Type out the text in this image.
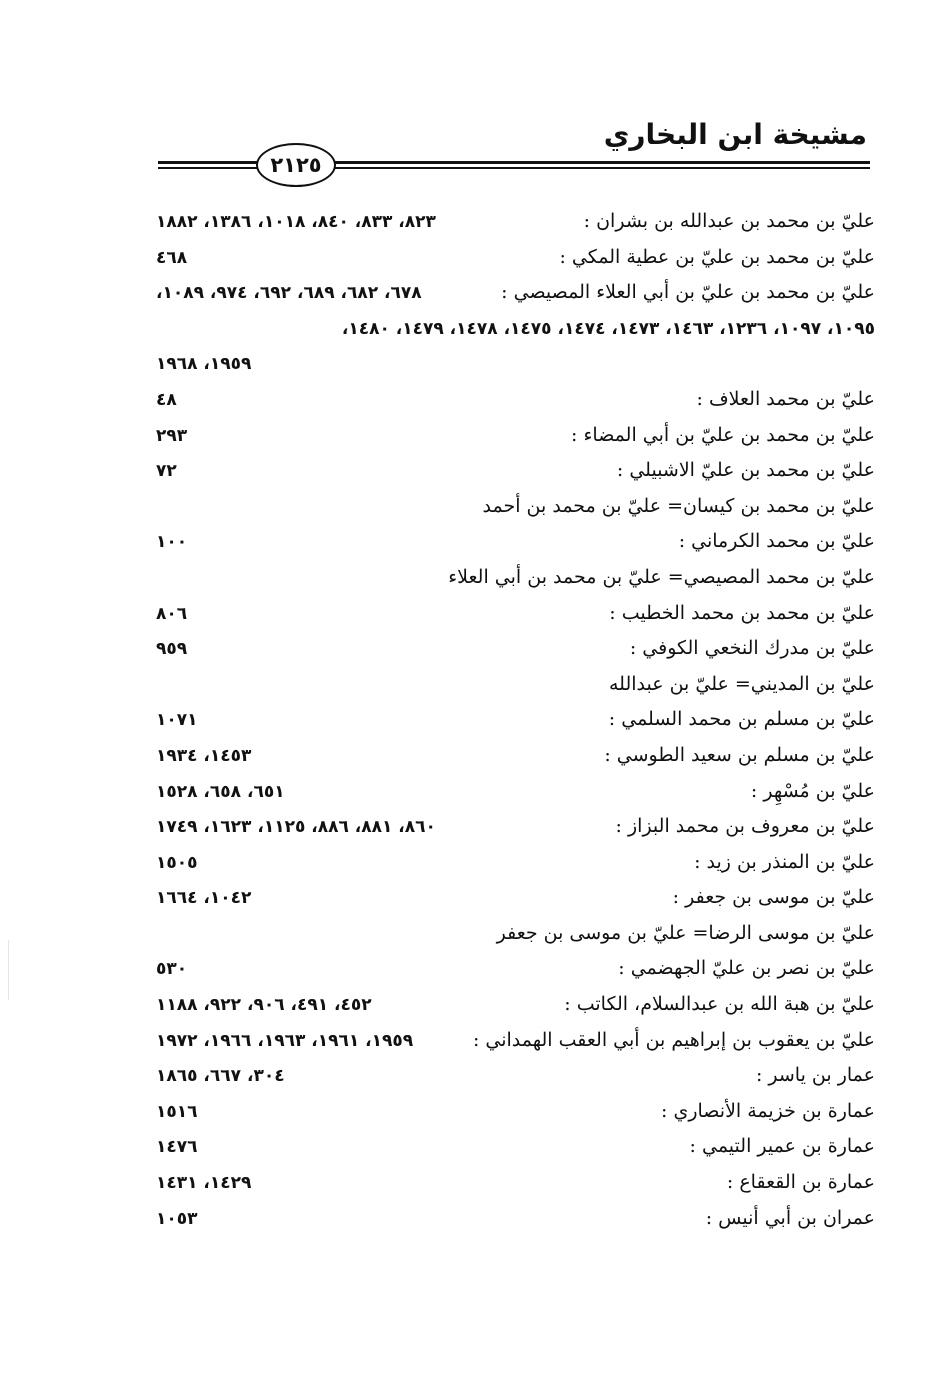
مشيخة ابن البخاري
٢١٢٥
عليّ بن محمد بن عبدالله بن بشران :
٨٢٣، ٨٣٣، ٨٤٠، ١٠١٨، ١٣٨٦، ١٨٨٢
عليّ بن محمد بن عليّ بن عطية المكي :
٤٦٨
عليّ بن محمد بن عليّ بن أبي العلاء المصيصي :
٦٧٨، ٦٨٢، ٦٨٩، ٦٩٢، ٩٧٤، ١٠٨٩،
١٠٩٥، ١٠٩٧، ١٢٣٦، ١٤٦٣، ١٤٧٣، ١٤٧٤، ١٤٧٥، ١٤٧٨، ١٤٧٩، ١٤٨٠،
١٩٥٩، ١٩٦٨
عليّ بن محمد العلاف :
٤٨
عليّ بن محمد بن عليّ بن أبي المضاء :
٢٩٣
عليّ بن محمد بن عليّ الاشبيلي :
٧٢
عليّ بن محمد بن كيسان= عليّ بن محمد بن أحمد
عليّ بن محمد الكرماني :
١٠٠
عليّ بن محمد المصيصي= عليّ بن محمد بن أبي العلاء
عليّ بن محمد بن محمد الخطيب :
٨٠٦
عليّ بن مدرك النخعي الكوفي :
٩٥٩
عليّ بن المديني= عليّ بن عبدالله
عليّ بن مسلم بن محمد السلمي :
١٠٧١
عليّ بن مسلم بن سعيد الطوسي :
١٤٥٣، ١٩٣٤
عليّ بن مُسْهِر :
٦٥١، ٦٥٨، ١٥٢٨
عليّ بن معروف بن محمد البزاز :
٨٦٠، ٨٨١، ٨٨٦، ١١٢٥، ١٦٢٣، ١٧٤٩
عليّ بن المنذر بن زيد :
١٥٠٥
عليّ بن موسى بن جعفر :
١٠٤٢، ١٦٦٤
عليّ بن موسى الرضا= عليّ بن موسى بن جعفر
عليّ بن نصر بن عليّ الجهضمي :
٥٣٠
عليّ بن هبة الله بن عبدالسلام، الكاتب :
٤٥٢، ٤٩١، ٩٠٦، ٩٢٢، ١١٨٨
عليّ بن يعقوب بن إبراهيم بن أبي العقب الهمداني :
١٩٥٩، ١٩٦١، ١٩٦٣، ١٩٦٦، ١٩٧٢
عمار بن ياسر :
٣٠٤، ٦٦٧، ١٨٦٥
عمارة بن خزيمة الأنصاري :
١٥١٦
عمارة بن عمير التيمي :
١٤٧٦
عمارة بن القعقاع :
١٤٢٩، ١٤٣١
عمران بن أبي أنيس :
١٠٥٣
